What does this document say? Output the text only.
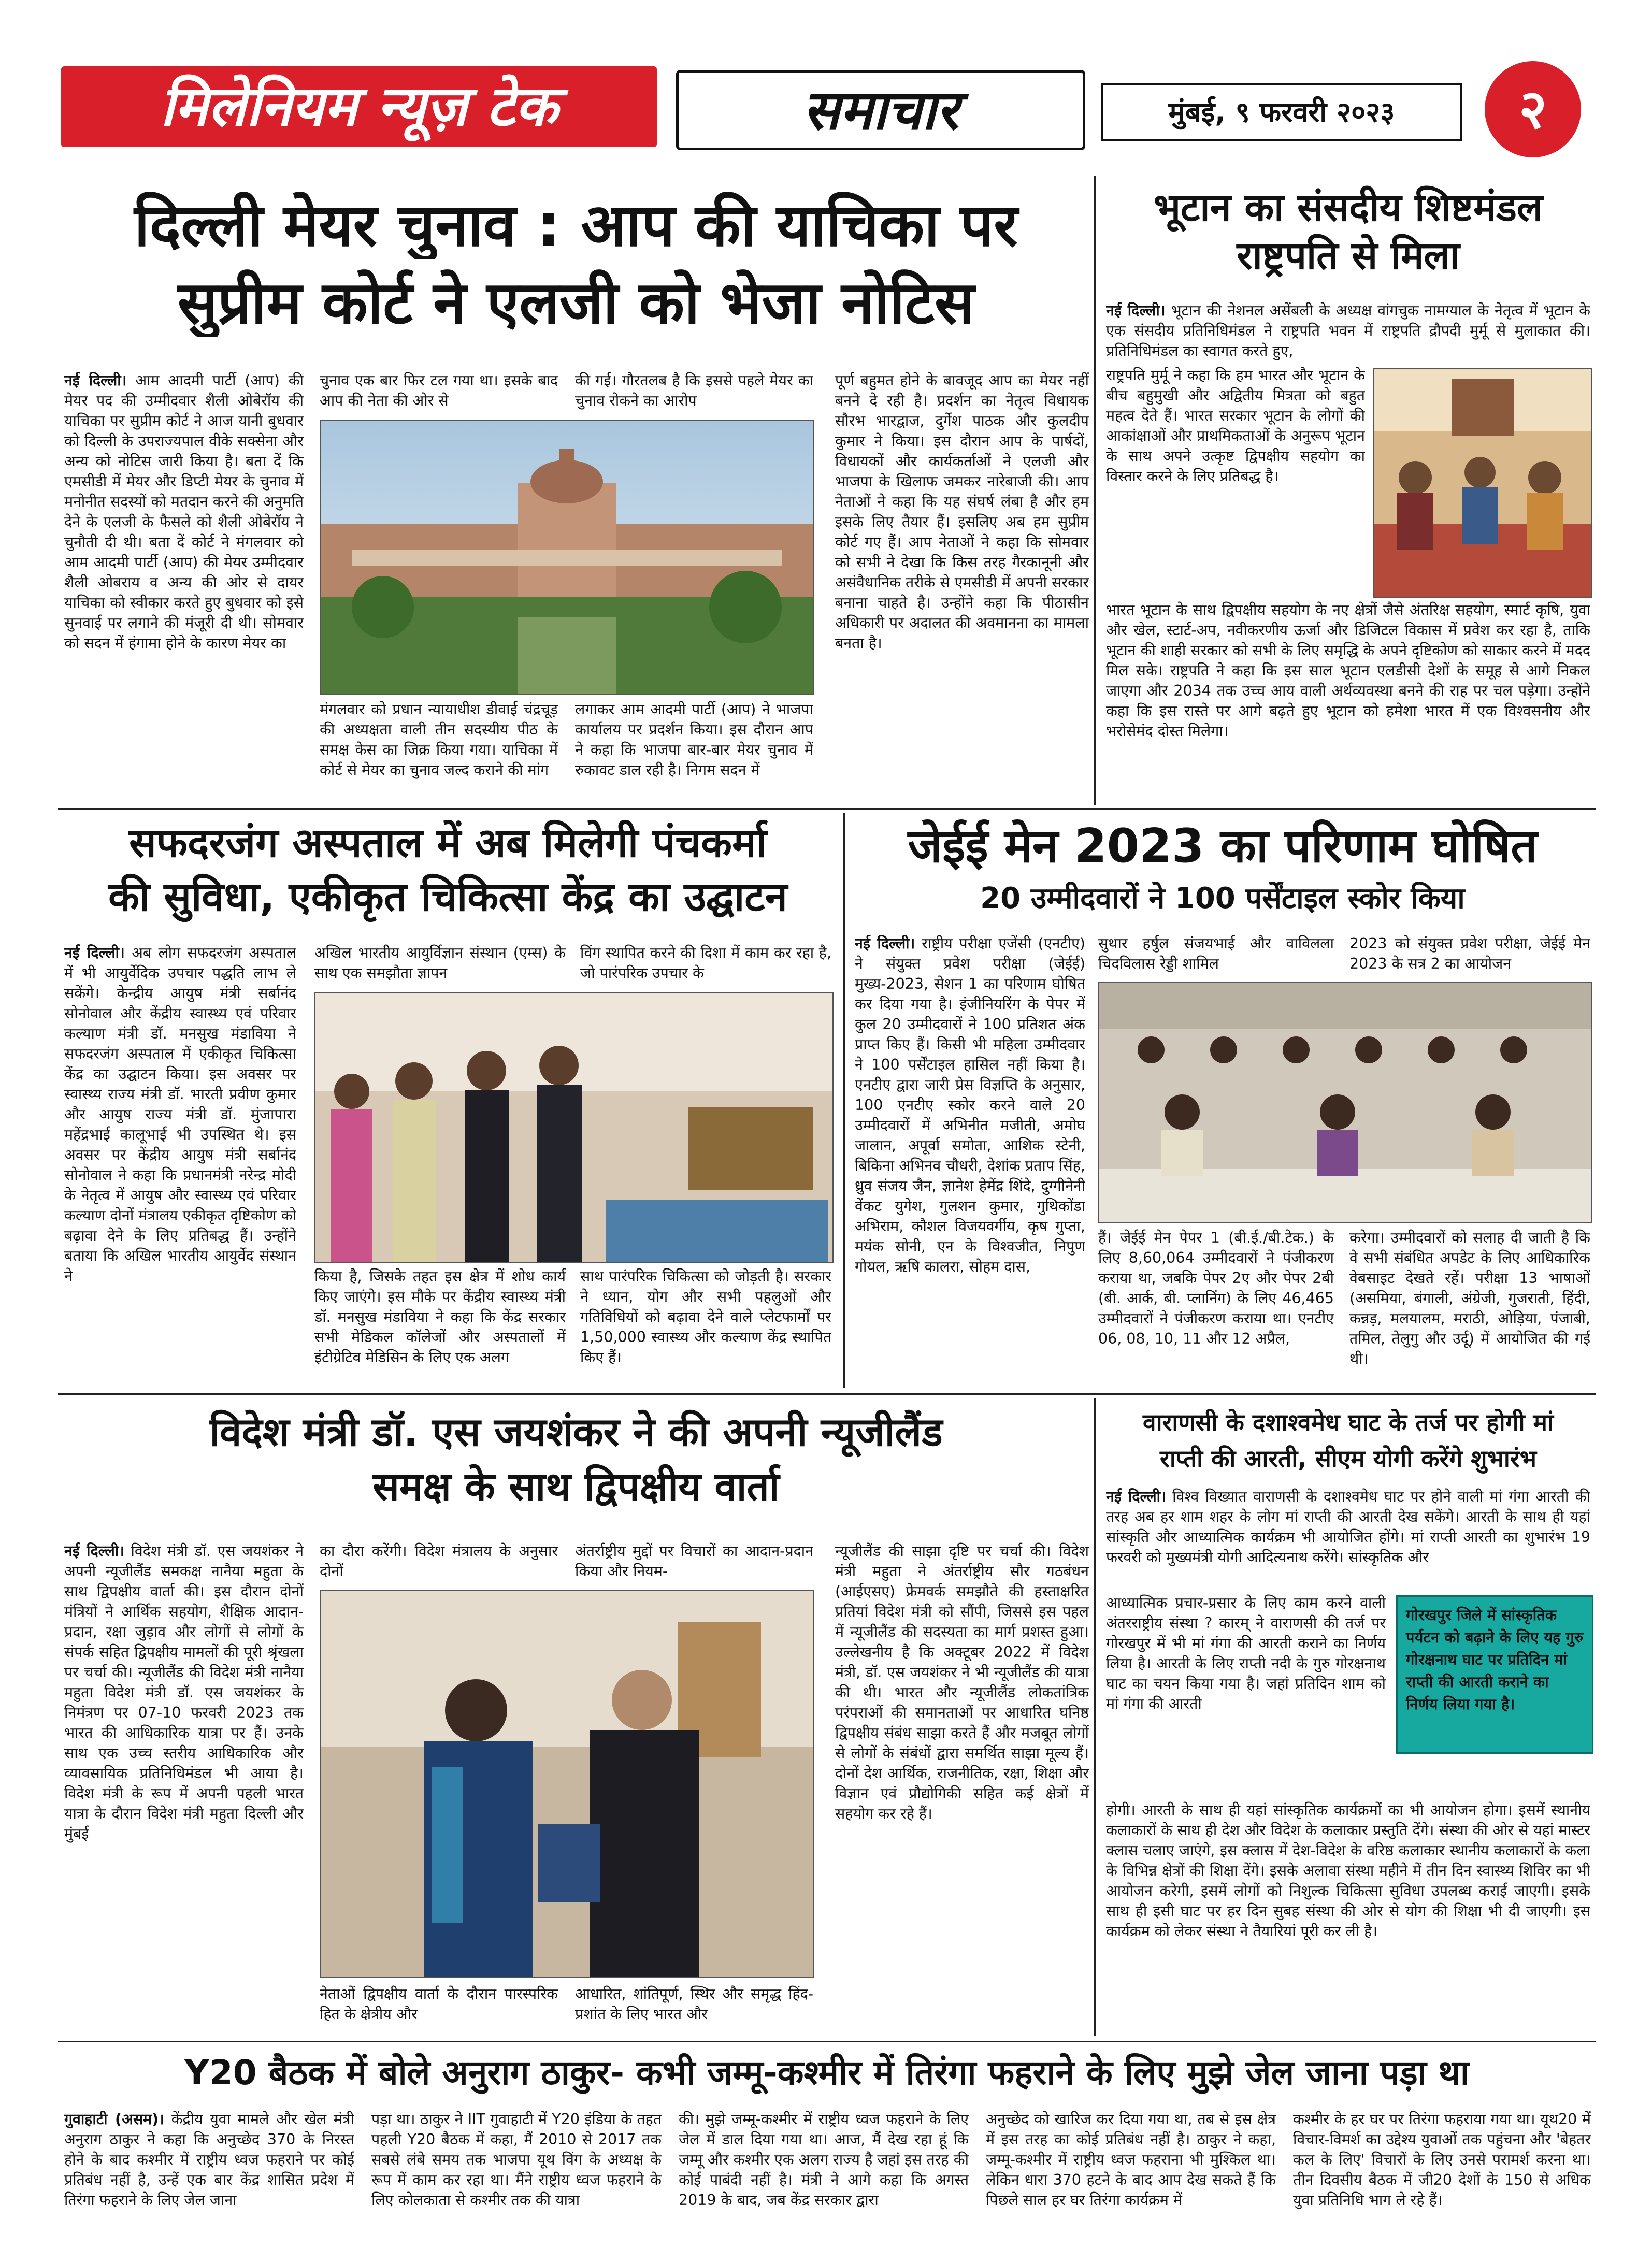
मिलेनियम न्यूज़ टेक	समाचार	मुंबई, ९ फरवरी २०२३	२

दिल्ली मेयर चुनाव : आप की याचिका पर

सुप्रीम कोर्ट ने एलजी को भेजा नोटिस

नई दिल्ली। आम आदमी पार्टी (आप) की मेयर पद की उम्मीदवार शैली ओबेरॉय की याचिका पर सुप्रीम कोर्ट ने आज यानी बुधवार को दिल्ली के उपराज्यपाल वीके सक्सेना और अन्य को नोटिस जारी किया है। बता दें कि एमसीडी में मेयर और डिप्टी मेयर के चुनाव में मनोनीत सदस्यों को मतदान करने की अनुमति देने के एलजी के फैसले को शैली ओबेरॉय ने चुनौती दी थी। बता दें कोर्ट ने मंगलवार को आम आदमी पार्टी (आप) की मेयर उम्मीदवार शैली ओबराय व अन्य की ओर से दायर याचिका को स्वीकार करते हुए बुधवार को इसे सुनवाई पर लगाने की मंजूरी दी थी। सोमवार को सदन में हंगामा होने के कारण मेयर का
चुनाव एक बार फिर टल गया था। इसके बाद आप की नेता की ओर से
की गई। गौरतलब है कि इससे पहले मेयर का चुनाव रोकने का आरोप
मंगलवार को प्रधान न्यायाधीश डीवाई चंद्रचूड़ की अध्यक्षता वाली तीन सदस्यीय पीठ के समक्ष केस का जिक्र किया गया। याचिका में कोर्ट से मेयर का चुनाव जल्द कराने की मांग
लगाकर आम आदमी पार्टी (आप) ने भाजपा कार्यालय पर प्रदर्शन किया। इस दौरान आप ने कहा कि भाजपा बार-बार मेयर चुनाव में रुकावट डाल रही है। निगम सदन में
पूर्ण बहुमत होने के बावजूद आप का मेयर नहीं बनने दे रही है। प्रदर्शन का नेतृत्व विधायक सौरभ भारद्वाज, दुर्गेश पाठक और कुलदीप कुमार ने किया। इस दौरान आप के पार्षदों, विधायकों और कार्यकर्ताओं ने एलजी और भाजपा के खिलाफ जमकर नारेबाजी की। आप नेताओं ने कहा कि यह संघर्ष लंबा है और हम इसके लिए तैयार हैं। इसलिए अब हम सुप्रीम कोर्ट गए हैं। आप नेताओं ने कहा कि सोमवार को सभी ने देखा कि किस तरह गैरकानूनी और असंवैधानिक तरीके से एमसीडी में अपनी सरकार बनाना चाहते है। उन्होंने कहा कि पीठासीन अधिकारी पर अदालत की अवमानना का मामला बनता है।

भूटान का संसदीय शिष्टमंडल

राष्ट्रपति से मिला

नई दिल्ली। भूटान की नेशनल असेंबली के अध्यक्ष वांगचुक नामग्याल के नेतृत्व में भूटान के एक संसदीय प्रतिनिधिमंडल ने राष्ट्रपति भवन में राष्ट्रपति द्रौपदी मुर्मू से मुलाकात की। प्रतिनिधिमंडल का स्वागत करते हुए,
राष्ट्रपति मुर्मू ने कहा कि हम भारत और भूटान के बीच बहुमुखी और अद्वितीय मित्रता को बहुत महत्व देते हैं। भारत सरकार भूटान के लोगों की आकांक्षाओं और प्राथमिकताओं के अनुरूप भूटान के साथ अपने उत्कृष्ट द्विपक्षीय सहयोग का विस्तार करने के लिए प्रतिबद्ध है।
भारत भूटान के साथ द्विपक्षीय सहयोग के नए क्षेत्रों जैसे अंतरिक्ष सहयोग, स्मार्ट कृषि, युवा और खेल, स्टार्ट-अप, नवीकरणीय ऊर्जा और डिजिटल विकास में प्रवेश कर रहा है, ताकि भूटान की शाही सरकार को सभी के लिए समृद्धि के अपने दृष्टिकोण को साकार करने में मदद मिल सके। राष्ट्रपति ने कहा कि इस साल भूटान एलडीसी देशों के समूह से आगे निकल जाएगा और 2034 तक उच्च आय वाली अर्थव्यवस्था बनने की राह पर चल पड़ेगा। उन्होंने कहा कि इस रास्ते पर आगे बढ़ते हुए भूटान को हमेशा भारत में एक विश्वसनीय और भरोसेमंद दोस्त मिलेगा।

सफदरजंग अस्पताल में अब मिलेगी पंचकर्मा

की सुविधा, एकीकृत चिकित्सा केंद्र का उद्घाटन

नई दिल्ली। अब लोग सफदरजंग अस्पताल में भी आयुर्वेदिक उपचार पद्धति लाभ ले सकेंगे। केन्द्रीय आयुष मंत्री सर्बानंद सोनोवाल और केंद्रीय स्वास्थ्य एवं परिवार कल्याण मंत्री डॉ. मनसुख मंडाविया ने सफदरजंग अस्पताल में एकीकृत चिकित्सा केंद्र का उद्घाटन किया। इस अवसर पर स्वास्थ्य राज्य मंत्री डॉ. भारती प्रवीण कुमार और आयुष राज्य मंत्री डॉ. मुंजापारा महेंद्रभाई कालूभाई भी उपस्थित थे। इस अवसर पर केंद्रीय आयुष मंत्री सर्बानंद सोनोवाल ने कहा कि प्रधानमंत्री नरेन्द्र मोदी के नेतृत्व में आयुष और स्वास्थ्य एवं परिवार कल्याण दोनों मंत्रालय एकीकृत दृष्टिकोण को बढ़ावा देने के लिए प्रतिबद्ध हैं। उन्होंने बताया कि अखिल भारतीय आयुर्वेद संस्थान ने
अखिल भारतीय आयुर्विज्ञान संस्थान (एम्स) के साथ एक समझौता ज्ञापन
विंग स्थापित करने की दिशा में काम कर रहा है, जो पारंपरिक उपचार के
किया है, जिसके तहत इस क्षेत्र में शोध कार्य किए जाएंगे। इस मौके पर केंद्रीय स्वास्थ्य मंत्री डॉ. मनसुख मंडाविया ने कहा कि केंद्र सरकार सभी मेडिकल कॉलेजों और अस्पतालों में इंटीग्रेटिव मेडिसिन के लिए एक अलग
साथ पारंपरिक चिकित्सा को जोड़ती है। सरकार ने ध्यान, योग और सभी पहलुओं और गतिविधियों को बढ़ावा देने वाले प्लेटफार्मों पर 1,50,000 स्वास्थ्य और कल्याण केंद्र स्थापित किए हैं।

जेईई मेन 2023 का परिणाम घोषित

20 उम्मीदवारों ने 100 पर्सेंटाइल स्कोर किया

नई दिल्ली। राष्ट्रीय परीक्षा एजेंसी (एनटीए) ने संयुक्त प्रवेश परीक्षा (जेईई) मुख्य-2023, सेशन 1 का परिणाम घोषित कर दिया गया है। इंजीनियरिंग के पेपर में कुल 20 उम्मीदवारों ने 100 प्रतिशत अंक प्राप्त किए हैं। किसी भी महिला उम्मीदवार ने 100 पर्सेंटाइल हासिल नहीं किया है। एनटीए द्वारा जारी प्रेस विज्ञप्ति के अनुसार, 100 एनटीए स्कोर करने वाले 20 उम्मीदवारों में अभिनीत मजीती, अमोघ जालान, अपूर्वा समोता, आशिक स्टेनी, बिकिना अभिनव चौधरी, देशांक प्रताप सिंह, ध्रुव संजय जैन, ज्ञानेश हेमेंद्र शिंदे, दुग्गीनेनी वेंकट युगेश, गुलशन कुमार, गुथिकोंडा अभिराम, कौशल विजयवर्गीय, कृष गुप्ता, मयंक सोनी, एन के विश्वजीत, निपुण गोयल, ऋषि कालरा, सोहम दास,
सुथार हर्षुल संजयभाई और वाविलला चिदविलास रेड्डी शामिल
2023 को संयुक्त प्रवेश परीक्षा, जेईई मेन 2023 के सत्र 2 का आयोजन
हैं। जेईई मेन पेपर 1 (बी.ई./बी.टेक.) के लिए 8,60,064 उम्मीदवारों ने पंजीकरण कराया था, जबकि पेपर 2ए और पेपर 2बी (बी. आर्क, बी. प्लानिंग) के लिए 46,465 उम्मीदवारों ने पंजीकरण कराया था। एनटीए 06, 08, 10, 11 और 12 अप्रैल,
करेगा। उम्मीदवारों को सलाह दी जाती है कि वे सभी संबंधित अपडेट के लिए आधिकारिक वेबसाइट देखते रहें। परीक्षा 13 भाषाओं (असमिया, बंगाली, अंग्रेजी, गुजराती, हिंदी, कन्नड़, मलयालम, मराठी, ओड़िया, पंजाबी, तमिल, तेलुगु और उर्दू) में आयोजित की गई थी।

विदेश मंत्री डॉ. एस जयशंकर ने की अपनी न्यूजीलैंड

समक्ष के साथ द्विपक्षीय वार्ता

नई दिल्ली। विदेश मंत्री डॉ. एस जयशंकर ने अपनी न्यूजीलैंड समकक्ष नानैया महुता के साथ द्विपक्षीय वार्ता की। इस दौरान दोनों मंत्रियों ने आर्थिक सहयोग, शैक्षिक आदान-प्रदान, रक्षा जुड़ाव और लोगों से लोगों के संपर्क सहित द्विपक्षीय मामलों की पूरी श्रृंखला पर चर्चा की। न्यूजीलैंड की विदेश मंत्री नानैया महुता विदेश मंत्री डॉ. एस जयशंकर के निमंत्रण पर 07-10 फरवरी 2023 तक भारत की आधिकारिक यात्रा पर हैं। उनके साथ एक उच्च स्तरीय आधिकारिक और व्यावसायिक प्रतिनिधिमंडल भी आया है। विदेश मंत्री के रूप में अपनी पहली भारत यात्रा के दौरान विदेश मंत्री महुता दिल्ली और मुंबई
का दौरा करेंगी। विदेश मंत्रालय के अनुसार दोनों
अंतर्राष्ट्रीय मुद्दों पर विचारों का आदान-प्रदान किया और नियम-
नेताओं द्विपक्षीय वार्ता के दौरान पारस्परिक हित के क्षेत्रीय और
आधारित, शांतिपूर्ण, स्थिर और समृद्ध हिंद-प्रशांत के लिए भारत और
न्यूजीलैंड की साझा दृष्टि पर चर्चा की। विदेश मंत्री महुता ने अंतर्राष्ट्रीय सौर गठबंधन (आईएसए) फ्रेमवर्क समझौते की हस्ताक्षरित प्रतियां विदेश मंत्री को सौंपी, जिससे इस पहल में न्यूजीलैंड की सदस्यता का मार्ग प्रशस्त हुआ। उल्लेखनीय है कि अक्टूबर 2022 में विदेश मंत्री, डॉ. एस जयशंकर ने भी न्यूजीलैंड की यात्रा की थी। भारत और न्यूजीलैंड लोकतांत्रिक परंपराओं की समानताओं पर आधारित घनिष्ठ द्विपक्षीय संबंध साझा करते हैं और मजबूत लोगों से लोगों के संबंधों द्वारा समर्थित साझा मूल्य हैं। दोनों देश आर्थिक, राजनीतिक, रक्षा, शिक्षा और विज्ञान एवं प्रौद्योगिकी सहित कई क्षेत्रों में सहयोग कर रहे हैं।

वाराणसी के दशाश्वमेध घाट के तर्ज पर होगी मां

राप्ती की आरती, सीएम योगी करेंगे शुभारंभ

नई दिल्ली। विश्व विख्यात वाराणसी के दशाश्वमेध घाट पर होने वाली मां गंगा आरती की तरह अब हर शाम शहर के लोग मां राप्ती की आरती देख सकेंगे। आरती के साथ ही यहां सांस्कृति और आध्यात्मिक कार्यक्रम भी आयोजित होंगे। मां राप्ती आरती का शुभारंभ 19 फरवरी को मुख्यमंत्री योगी आदित्यनाथ करेंगे। सांस्कृतिक और
आध्यात्मिक प्रचार-प्रसार के लिए काम करने वाली अंतरराष्ट्रीय संस्था ? कारम् ने वाराणसी की तर्ज पर गोरखपुर में भी मां गंगा की आरती कराने का निर्णय लिया है। आरती के लिए राप्ती नदी के गुरु गोरक्षनाथ घाट का चयन किया गया है। जहां प्रतिदिन शाम को मां गंगा की आरती

गोरखपुर जिले में सांस्कृतिक पर्यटन को बढ़ाने के लिए यह गुरु गोरक्षनाथ घाट पर प्रतिदिन मां राप्ती की आरती कराने का निर्णय लिया गया है।

होगी। आरती के साथ ही यहां सांस्कृतिक कार्यक्रमों का भी आयोजन होगा। इसमें स्थानीय कलाकारों के साथ ही देश और विदेश के कलाकार प्रस्तुति देंगे। संस्था की ओर से यहां मास्टर क्लास चलाए जाएंगे, इस क्लास में देश-विदेश के वरिष्ठ कलाकार स्थानीय कलाकारों के कला के विभिन्न क्षेत्रों की शिक्षा देंगे। इसके अलावा संस्था महीने में तीन दिन स्वास्थ्य शिविर का भी आयोजन करेगी, इसमें लोगों को निशुल्क चिकित्सा सुविधा उपलब्ध कराई जाएगी। इसके साथ ही इसी घाट पर हर दिन सुबह संस्था की ओर से योग की शिक्षा भी दी जाएगी। इस कार्यक्रम को लेकर संस्था ने तैयारियां पूरी कर ली है।

Y20 बैठक में बोले अनुराग ठाकुर- कभी जम्मू-कश्मीर में तिरंगा फहराने के लिए मुझे जेल जाना पड़ा था

गुवाहाटी (असम)। केंद्रीय युवा मामले और खेल मंत्री अनुराग ठाकुर ने कहा कि अनुच्छेद 370 के निरस्त होने के बाद कश्मीर में राष्ट्रीय ध्वज फहराने पर कोई प्रतिबंध नहीं है, उन्हें एक बार केंद्र शासित प्रदेश में तिरंगा फहराने के लिए जेल जाना
पड़ा था। ठाकुर ने IIT गुवाहाटी में Y20 इंडिया के तहत पहली Y20 बैठक में कहा, मैं 2010 से 2017 तक सबसे लंबे समय तक भाजपा यूथ विंग के अध्यक्ष के रूप में काम कर रहा था। मैंने राष्ट्रीय ध्वज फहराने के लिए कोलकाता से कश्मीर तक की यात्रा
की। मुझे जम्मू-कश्मीर में राष्ट्रीय ध्वज फहराने के लिए जेल में डाल दिया गया था। आज, मैं देख रहा हूं कि जम्मू और कश्मीर एक अलग राज्य है जहां इस तरह की कोई पाबंदी नहीं है। मंत्री ने आगे कहा कि अगस्त 2019 के बाद, जब केंद्र सरकार द्वारा
अनुच्छेद को खारिज कर दिया गया था, तब से इस क्षेत्र में इस तरह का कोई प्रतिबंध नहीं है। ठाकुर ने कहा, जम्मू-कश्मीर में राष्ट्रीय ध्वज फहराना भी मुश्किल था। लेकिन धारा 370 हटने के बाद आप देख सकते हैं कि पिछले साल हर घर तिरंगा कार्यक्रम में
कश्मीर के हर घर पर तिरंगा फहराया गया था। यूथ20 में विचार-विमर्श का उद्देश्य युवाओं तक पहुंचना और 'बेहतर कल के लिए' विचारों के लिए उनसे परामर्श करना था। तीन दिवसीय बैठक में जी20 देशों के 150 से अधिक युवा प्रतिनिधि भाग ले रहे हैं।
